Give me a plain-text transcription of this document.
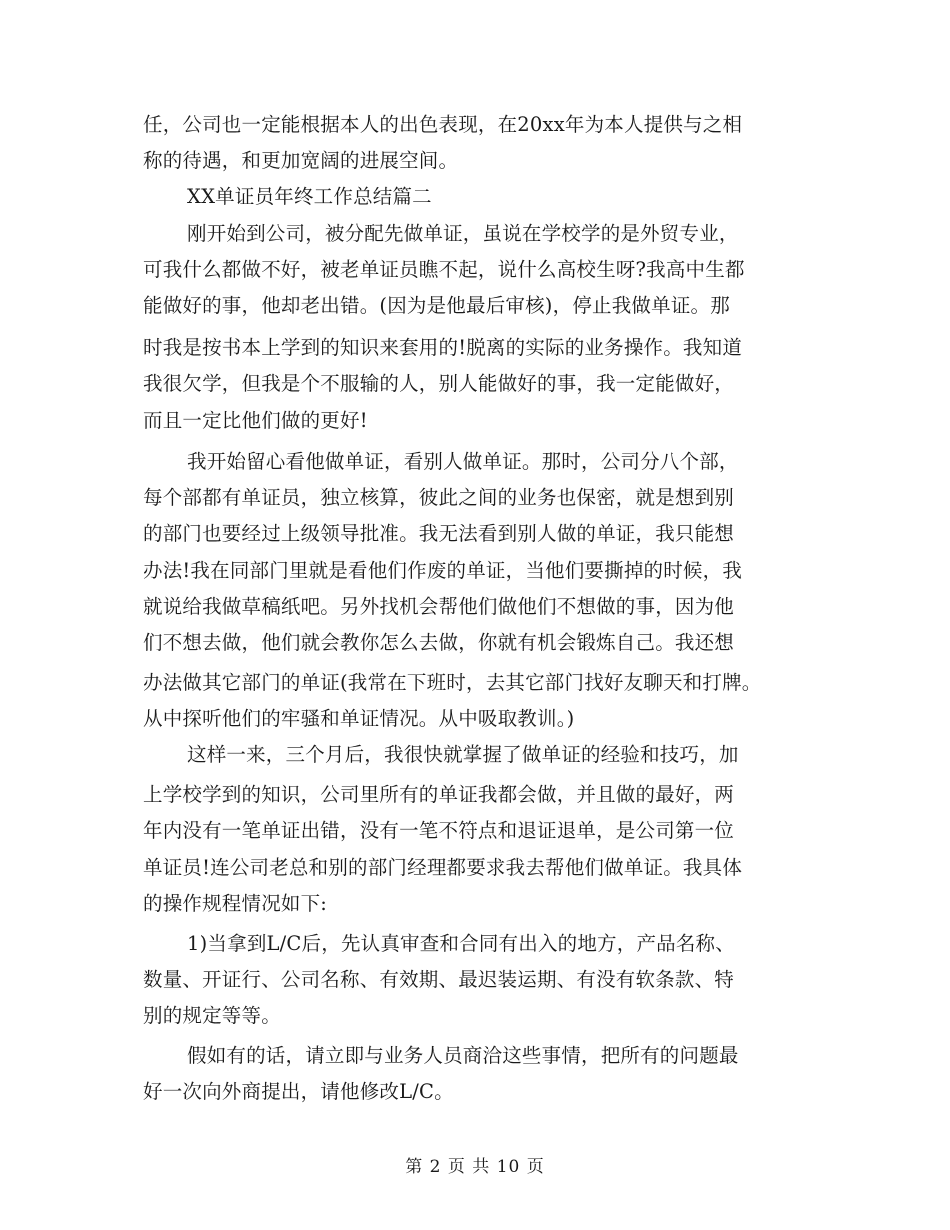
任，公司也一定能根据本人的出色表现，在20xx年为本人提供与之相
称的待遇，和更加宽阔的进展空间。
XX单证员年终工作总结篇二
刚开始到公司，被分配先做单证，虽说在学校学的是外贸专业，
可我什么都做不好，被老单证员瞧不起，说什么高校生呀?我高中生都
能做好的事，他却老出错。(因为是他最后审核)，停止我做单证。那
时我是按书本上学到的知识来套用的!脱离的实际的业务操作。我知道
我很欠学，但我是个不服输的人，别人能做好的事，我一定能做好，
而且一定比他们做的更好!
我开始留心看他做单证，看别人做单证。那时，公司分八个部，
每个部都有单证员，独立核算，彼此之间的业务也保密，就是想到别
的部门也要经过上级领导批准。我无法看到别人做的单证，我只能想
办法!我在同部门里就是看他们作废的单证，当他们要撕掉的时候，我
就说给我做草稿纸吧。另外找机会帮他们做他们不想做的事，因为他
们不想去做，他们就会教你怎么去做，你就有机会锻炼自己。我还想
办法做其它部门的单证(我常在下班时，去其它部门找好友聊天和打牌。
从中探听他们的牢骚和单证情况。从中吸取教训。)
这样一来，三个月后，我很快就掌握了做单证的经验和技巧，加
上学校学到的知识，公司里所有的单证我都会做，并且做的最好，两
年内没有一笔单证出错，没有一笔不符点和退证退单，是公司第一位
单证员!连公司老总和别的部门经理都要求我去帮他们做单证。我具体
的操作规程情况如下:
1)当拿到L/C后，先认真审查和合同有出入的地方，产品名称、
数量、开证行、公司名称、有效期、最迟装运期、有没有软条款、特
别的规定等等。
假如有的话，请立即与业务人员商洽这些事情，把所有的问题最
好一次向外商提出，请他修改L/C。
第 2 页 共 10 页
